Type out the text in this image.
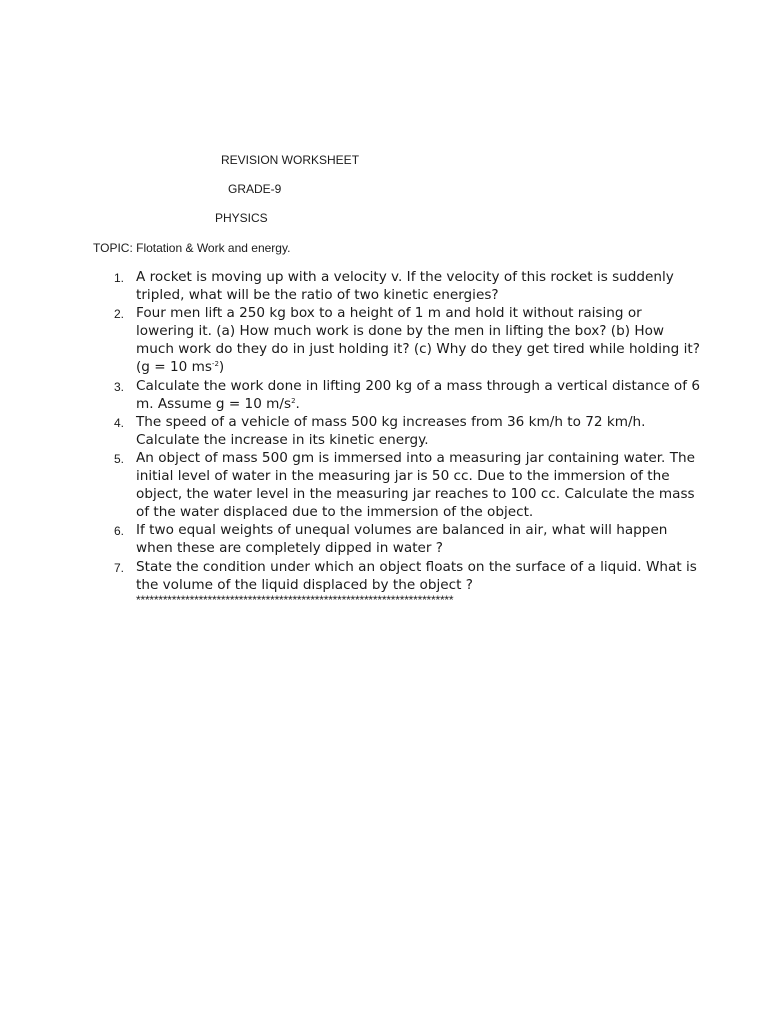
REVISION WORKSHEET
GRADE-9
PHYSICS
TOPIC: Flotation & Work and energy.
1. A rocket is moving up with a velocity v. If the velocity of this rocket is suddenly tripled, what will be the ratio of two kinetic energies?
2. Four men lift a 250 kg box to a height of 1 m and hold it without raising or lowering it. (a) How much work is done by the men in lifting the box? (b) How much work do they do in just holding it? (c) Why do they get tired while holding it? (g = 10 $ms^{-2}$)
3. Calculate the work done in lifting 200 kg of a mass through a vertical distance of 6 m. Assume g = 10 $m/s^2$.
4. The speed of a vehicle of mass 500 kg increases from 36 km/h to 72 km/h. Calculate the increase in its kinetic energy.
5. An object of mass 500 gm is immersed into a measuring jar containing water. The initial level of water in the measuring jar is 50 cc. Due to the immersion of the object, the water level in the measuring jar reaches to 100 cc. Calculate the mass of the water displaced due to the immersion of the object.
6. If two equal weights of unequal volumes are balanced in air, what will happen when these are completely dipped in water ?
7. State the condition under which an object floats on the surface of a liquid. What is the volume of the liquid displaced by the object ?
***********************************************************************
